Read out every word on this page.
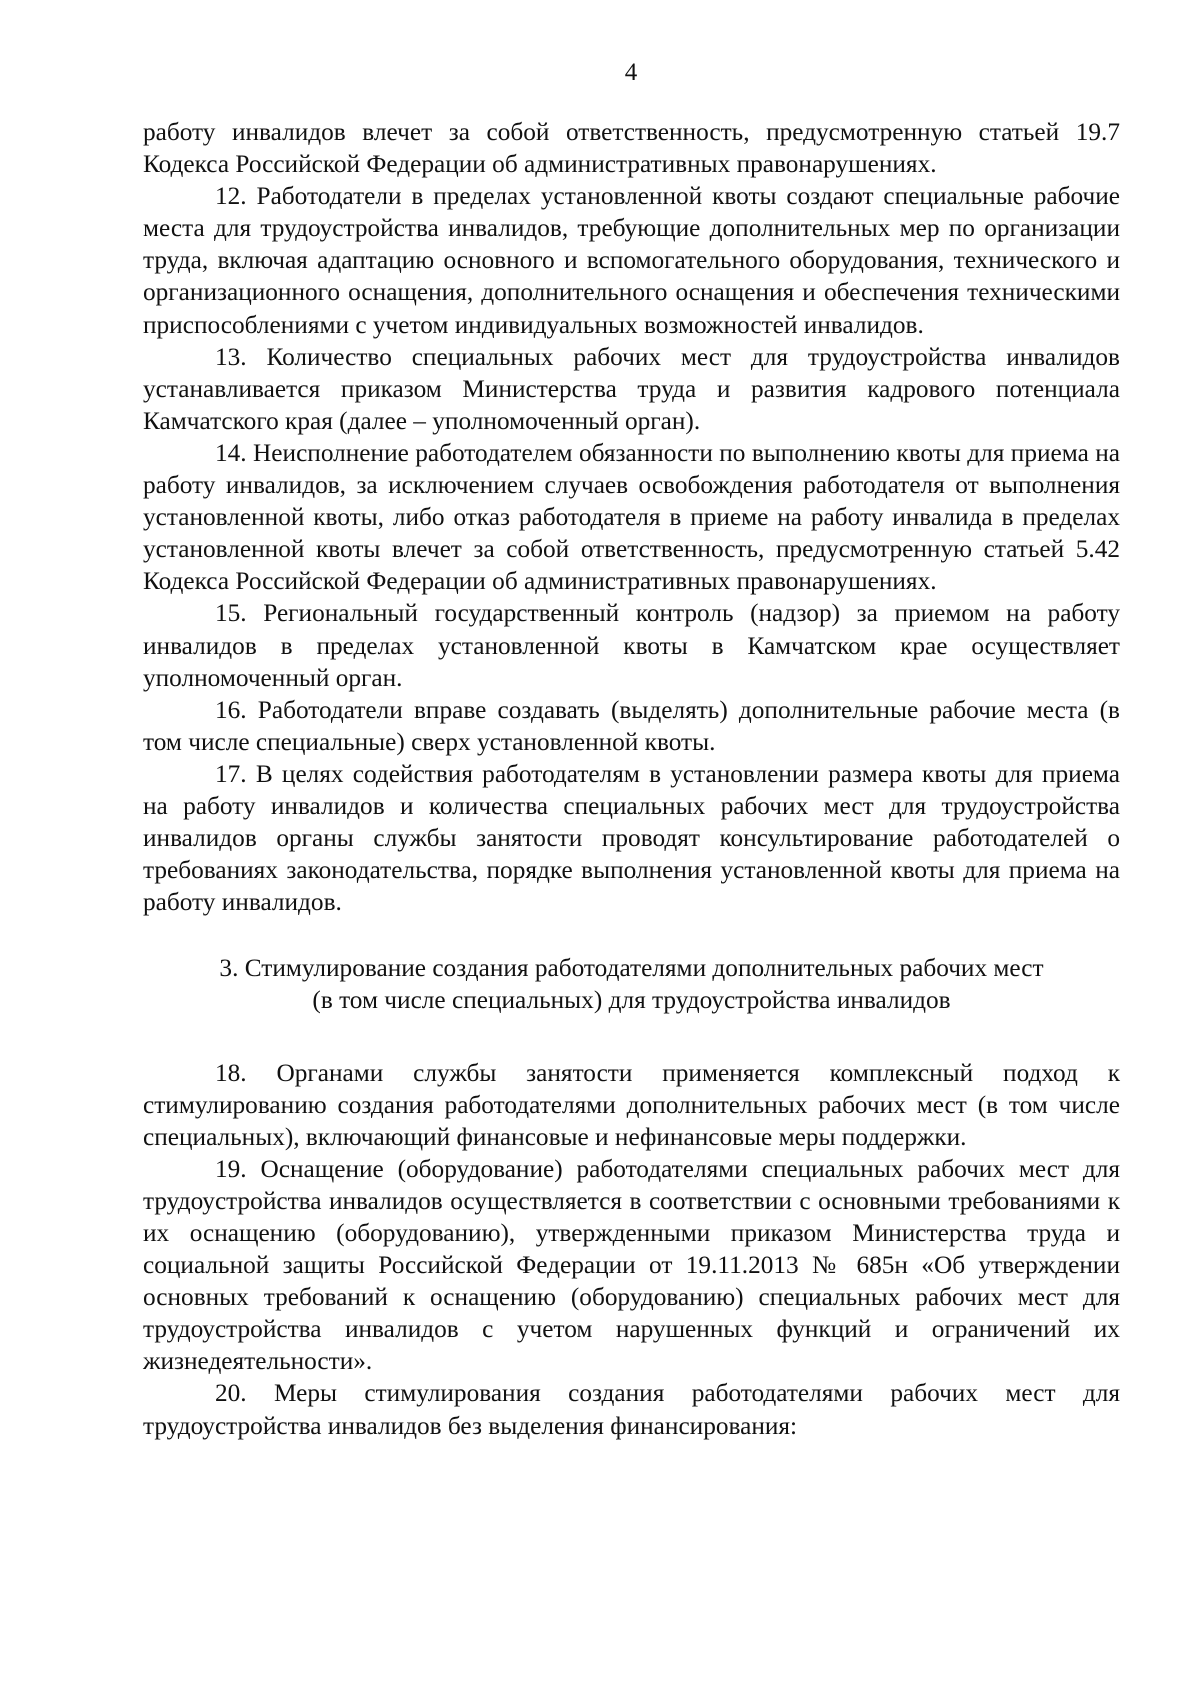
4

работу инвалидов влечет за собой ответственность, предусмотренную статьей 19.7 Кодекса Российской Федерации об административных правонарушениях.

12. Работодатели в пределах установленной квоты создают специальные рабочие места для трудоустройства инвалидов, требующие дополнительных мер по организации труда, включая адаптацию основного и вспомогательного оборудования, технического и организационного оснащения, дополнительного оснащения и обеспечения техническими приспособлениями с учетом индивидуальных возможностей инвалидов.

13. Количество специальных рабочих мест для трудоустройства инвалидов устанавливается приказом Министерства труда и развития кадрового потенциала Камчатского края (далее – уполномоченный орган).

14. Неисполнение работодателем обязанности по выполнению квоты для приема на работу инвалидов, за исключением случаев освобождения работодателя от выполнения установленной квоты, либо отказ работодателя в приеме на работу инвалида в пределах установленной квоты влечет за собой ответственность, предусмотренную статьей 5.42 Кодекса Российской Федерации об административных правонарушениях.

15. Региональный государственный контроль (надзор) за приемом на работу инвалидов в пределах установленной квоты в Камчатском крае осуществляет уполномоченный орган.

16. Работодатели вправе создавать (выделять) дополнительные рабочие места (в том числе специальные) сверх установленной квоты.

17. В целях содействия работодателям в установлении размера квоты для приема на работу инвалидов и количества специальных рабочих мест для трудоустройства инвалидов органы службы занятости проводят консультирование работодателей о требованиях законодательства, порядке выполнения установленной квоты для приема на работу инвалидов.

3. Стимулирование создания работодателями дополнительных рабочих мест
(в том числе специальных) для трудоустройства инвалидов

18. Органами службы занятости применяется комплексный подход к стимулированию создания работодателями дополнительных рабочих мест (в том числе специальных), включающий финансовые и нефинансовые меры поддержки.

19. Оснащение (оборудование) работодателями специальных рабочих мест для трудоустройства инвалидов осуществляется в соответствии с основными требованиями к их оснащению (оборудованию), утвержденными приказом Министерства труда и социальной защиты Российской Федерации от 19.11.2013 № 685н «Об утверждении основных требований к оснащению (оборудованию) специальных рабочих мест для трудоустройства инвалидов с учетом нарушенных функций и ограничений их жизнедеятельности».

20. Меры стимулирования создания работодателями рабочих мест для трудоустройства инвалидов без выделения финансирования:
